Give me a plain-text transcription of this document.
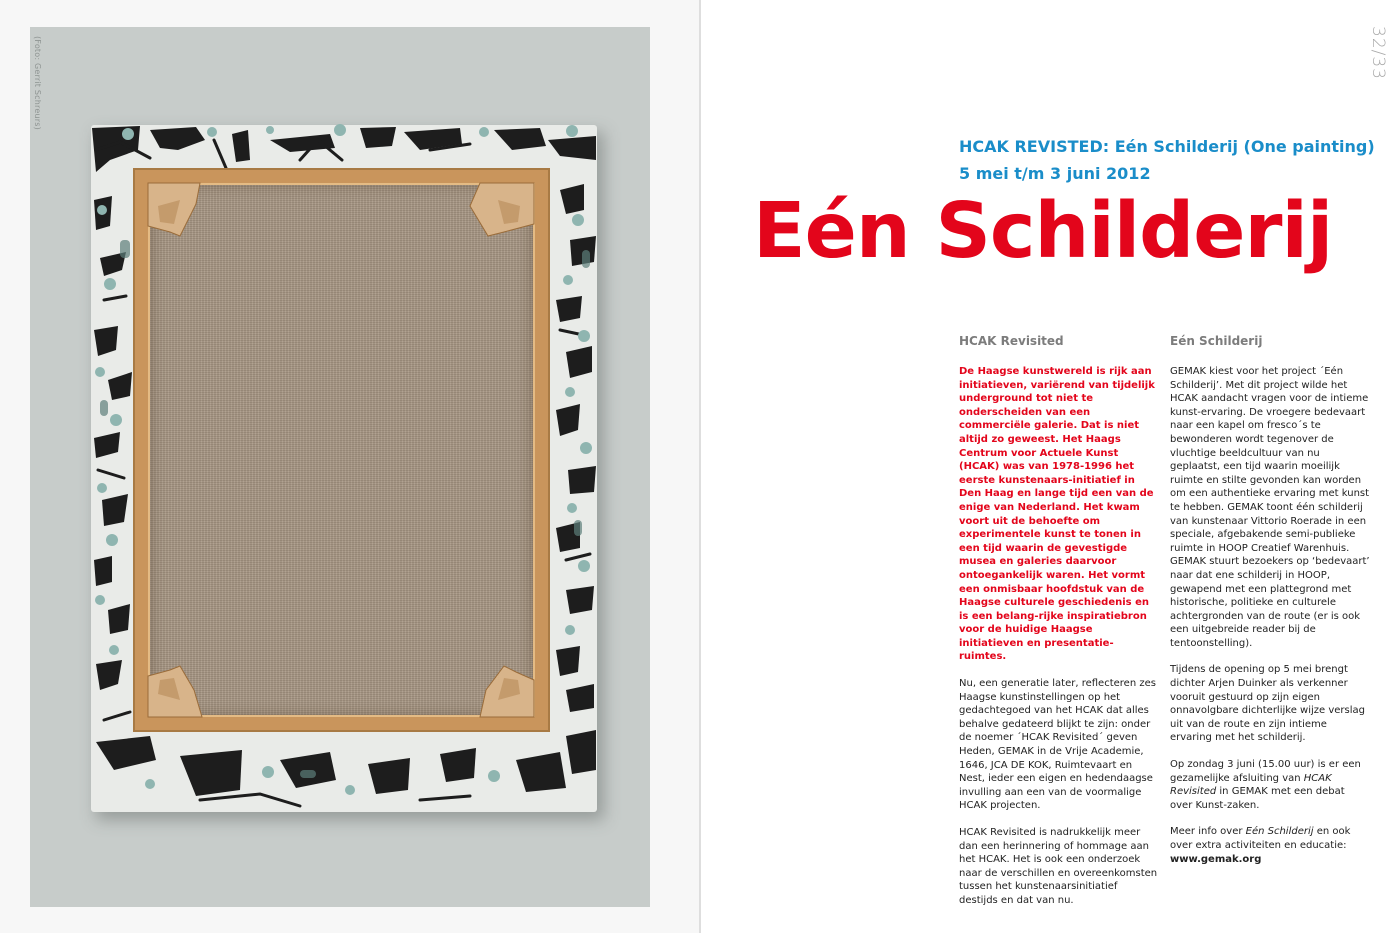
(Foto: Gerrit Schreurs)	32/33
HCAK REVISTED: Eén Schilderij (One painting)
5 mei t/m 3 juni 2012
Eén Schilderij
HCAK Revisited

De Haagse kunstwereld is rijk aan initiatieven, variërend van tijdelijk underground tot niet te onderscheiden van een commerciële galerie. Dat is niet altijd zo geweest. Het Haags Centrum voor Actuele Kunst (HCAK) was van 1978-1996 het eerste kunstenaars-initiatief in Den Haag en lange tijd een van de enige van Nederland. Het kwam voort uit de behoefte om experimentele kunst te tonen in een tijd waarin de gevestigde musea en galeries daarvoor ontoegankelijk waren. Het vormt een onmisbaar hoofdstuk van de Haagse culturele geschiedenis en is een belang-rijke inspiratiebron voor de huidige Haagse initiatieven en presentatie-ruimtes.

Nu, een generatie later, reflecteren zes Haagse kunstinstellingen op het gedachtegoed van het HCAK dat alles behalve gedateerd blijkt te zijn: onder de noemer ´HCAK Revisited´ geven Heden, GEMAK in de Vrije Academie, 1646, JCA DE KOK, Ruimtevaart en Nest, ieder een eigen en hedendaagse invulling aan een van de voormalige HCAK projecten.

HCAK Revisited is nadrukkelijk meer dan een herinnering of hommage aan het HCAK. Het is ook een onderzoek naar de verschillen en overeenkomsten tussen het kunstenaarsinitiatief destijds en dat van nu.

Eén Schilderij

GEMAK kiest voor het project ´Eén Schilderij’. Met dit project wilde het HCAK aandacht vragen voor de intieme kunst-ervaring. De vroegere bedevaart naar een kapel om fresco´s te bewonderen wordt tegenover de vluchtige beeldcultuur van nu geplaatst, een tijd waarin moeilijk ruimte en stilte gevonden kan worden om een authentieke ervaring met kunst te hebben. GEMAK toont één schilderij van kunstenaar Vittorio Roerade in een speciale, afgebakende semi-publieke ruimte in HOOP Creatief Warenhuis. GEMAK stuurt bezoekers op ‘bedevaart’ naar dat ene schilderij in HOOP, gewapend met een plattegrond met historische, politieke en culturele achtergronden van de route (er is ook een uitgebreide reader bij de tentoonstelling).

Tijdens de opening op 5 mei brengt dichter Arjen Duinker als verkenner vooruit gestuurd op zijn eigen onnavolgbare dichterlijke wijze verslag uit van de route en zijn intieme ervaring met het schilderij.

Op zondag 3 juni (15.00 uur) is er een gezamelijke afsluiting van HCAK Revisited in GEMAK met een debat over Kunst-zaken.

Meer info over Eén Schilderij en ook over extra activiteiten en educatie:
www.gemak.org
